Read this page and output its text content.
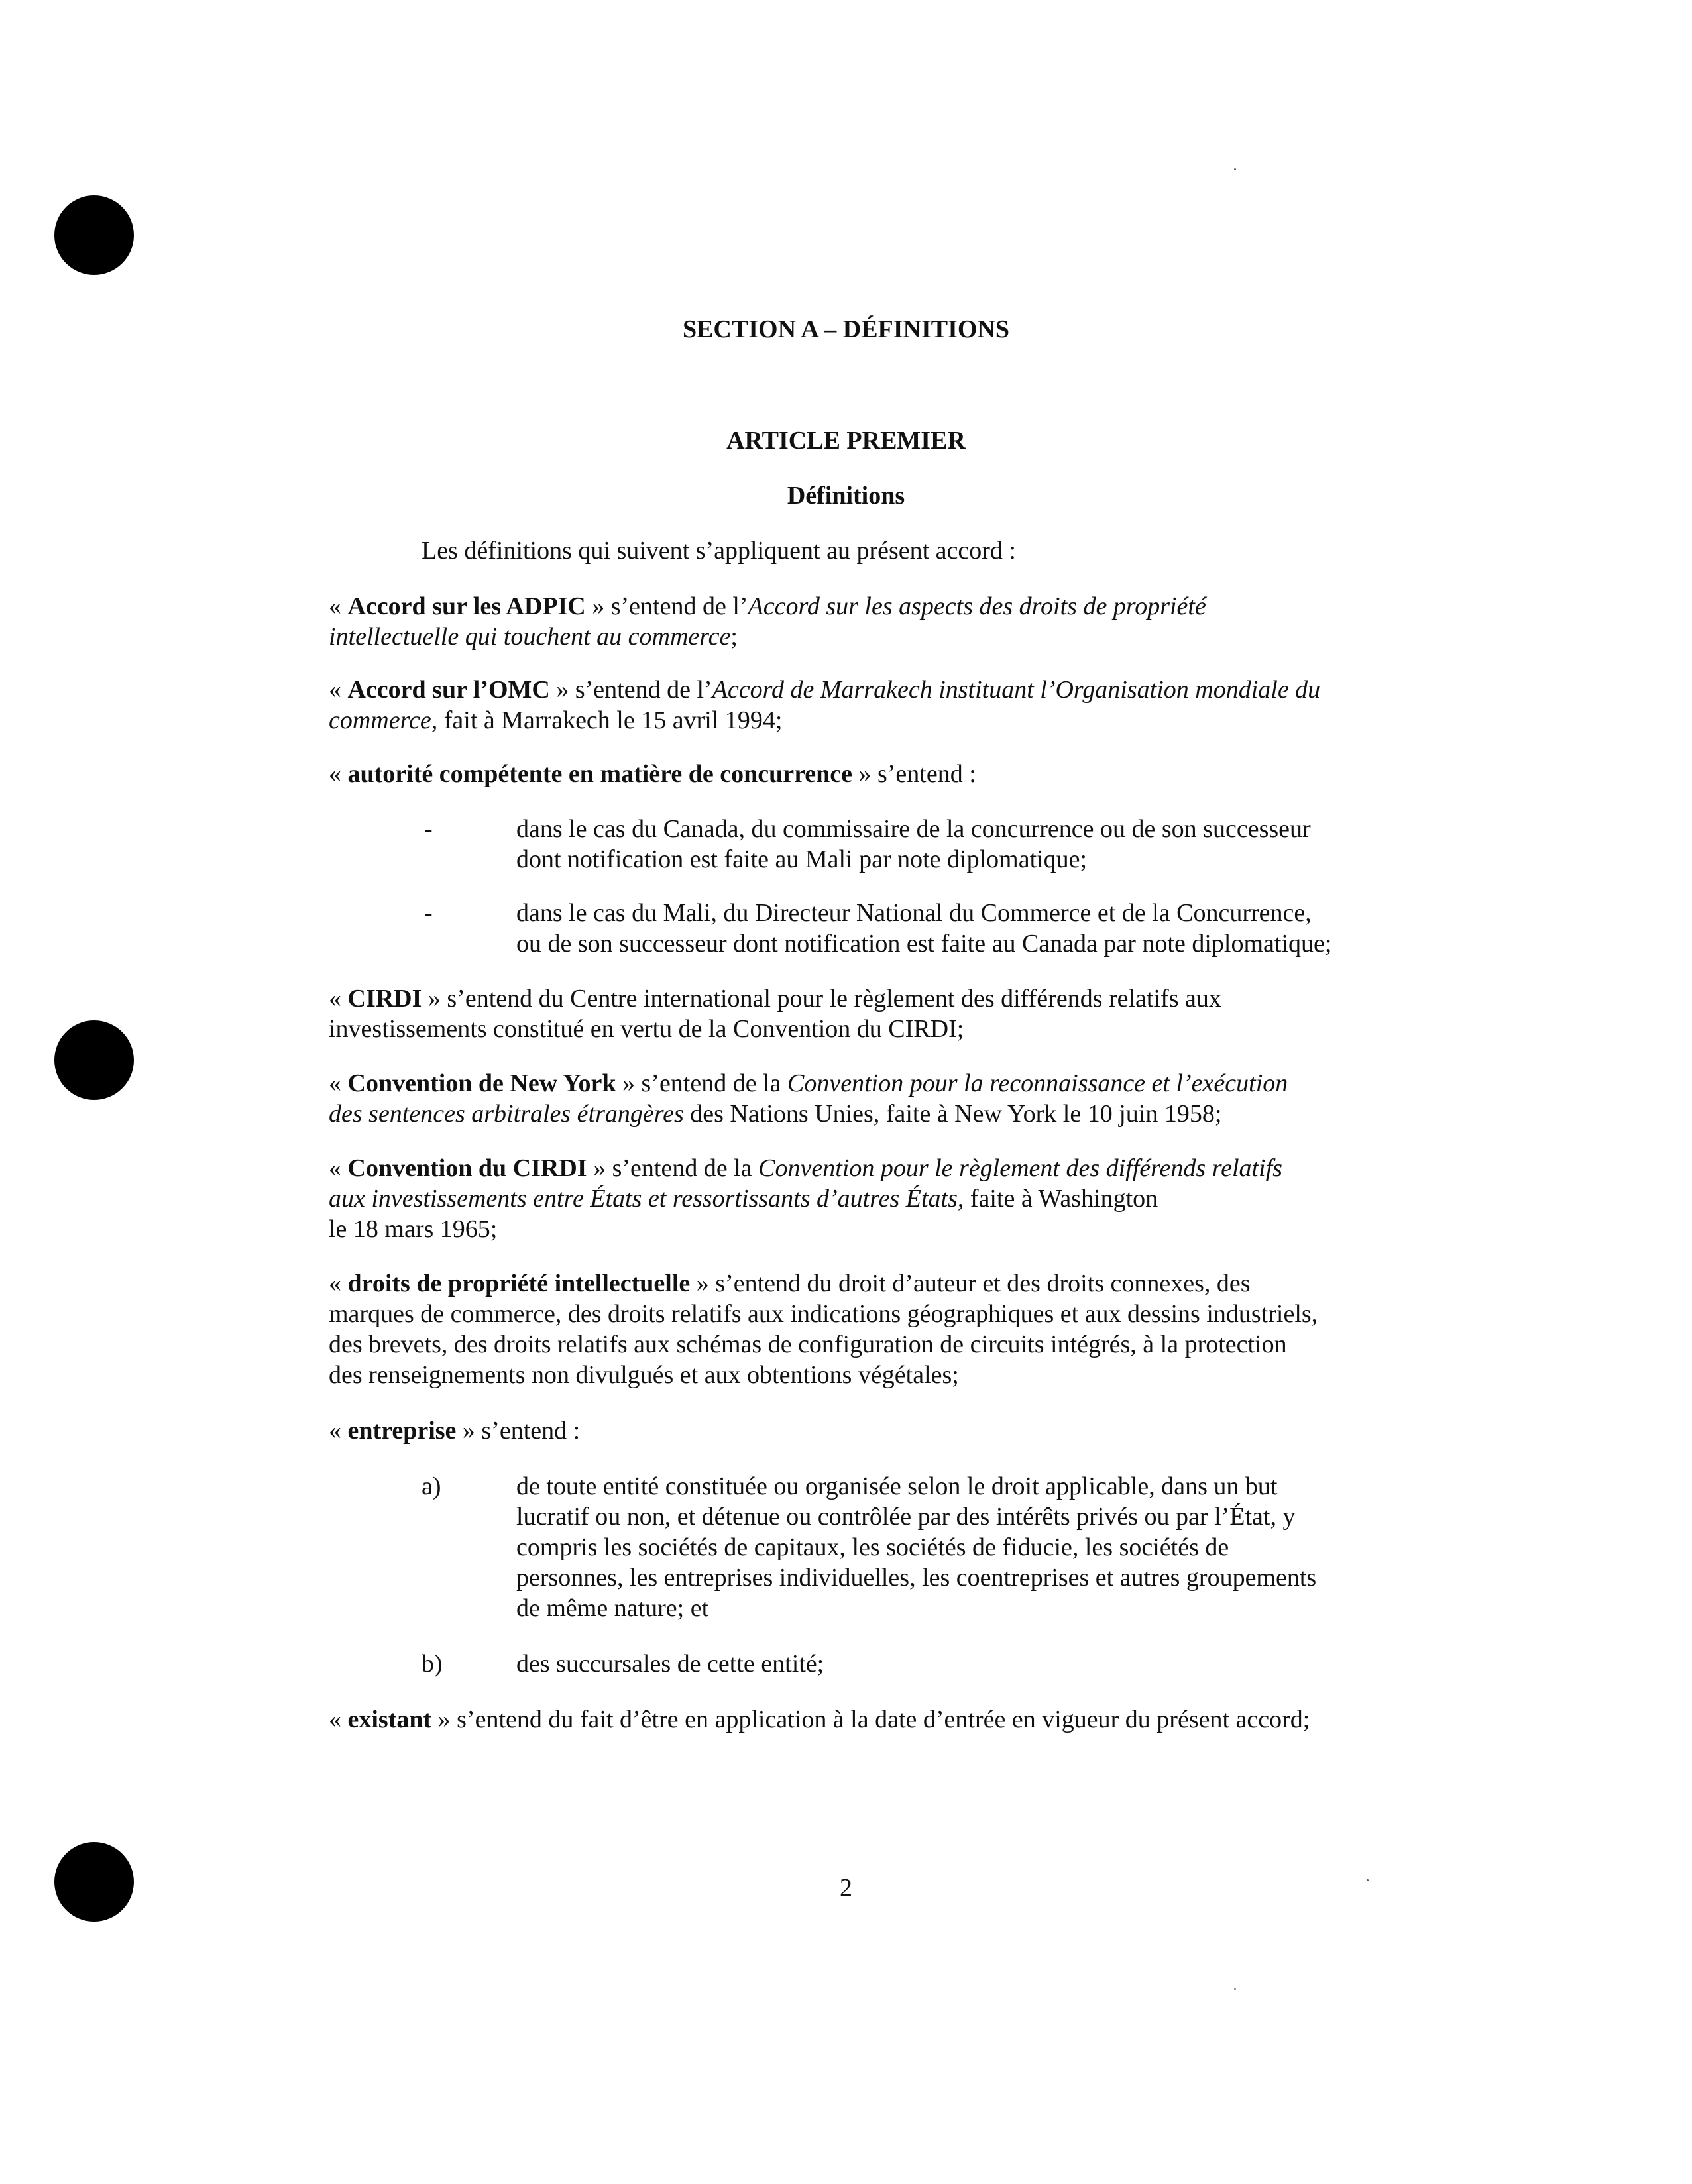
SECTION A – DÉFINITIONS
ARTICLE PREMIER
Définitions
Les définitions qui suivent s’appliquent au présent accord :
« Accord sur les ADPIC » s’entend de l’Accord sur les aspects des droits de propriété
intellectuelle qui touchent au commerce;
« Accord sur l’OMC » s’entend de l’Accord de Marrakech instituant l’Organisation mondiale du
commerce, fait à Marrakech le 15 avril 1994;
« autorité compétente en matière de concurrence » s’entend :
-	dans le cas du Canada, du commissaire de la concurrence ou de son successeur
dont notification est faite au Mali par note diplomatique;
-	dans le cas du Mali, du Directeur National du Commerce et de la Concurrence,
ou de son successeur dont notification est faite au Canada par note diplomatique;
« CIRDI » s’entend du Centre international pour le règlement des différends relatifs aux
investissements constitué en vertu de la Convention du CIRDI;
« Convention de New York » s’entend de la Convention pour la reconnaissance et l’exécution
des sentences arbitrales étrangères des Nations Unies, faite à New York le 10 juin 1958;
« Convention du CIRDI » s’entend de la Convention pour le règlement des différends relatifs
aux investissements entre États et ressortissants d’autres États, faite à Washington
le 18 mars 1965;
« droits de propriété intellectuelle » s’entend du droit d’auteur et des droits connexes, des
marques de commerce, des droits relatifs aux indications géographiques et aux dessins industriels,
des brevets, des droits relatifs aux schémas de configuration de circuits intégrés, à la protection
des renseignements non divulgués et aux obtentions végétales;
« entreprise » s’entend :
a)	de toute entité constituée ou organisée selon le droit applicable, dans un but
lucratif ou non, et détenue ou contrôlée par des intérêts privés ou par l’État, y
compris les sociétés de capitaux, les sociétés de fiducie, les sociétés de
personnes, les entreprises individuelles, les coentreprises et autres groupements
de même nature; et
b)	des succursales de cette entité;
« existant » s’entend du fait d’être en application à la date d’entrée en vigueur du présent accord;
2
